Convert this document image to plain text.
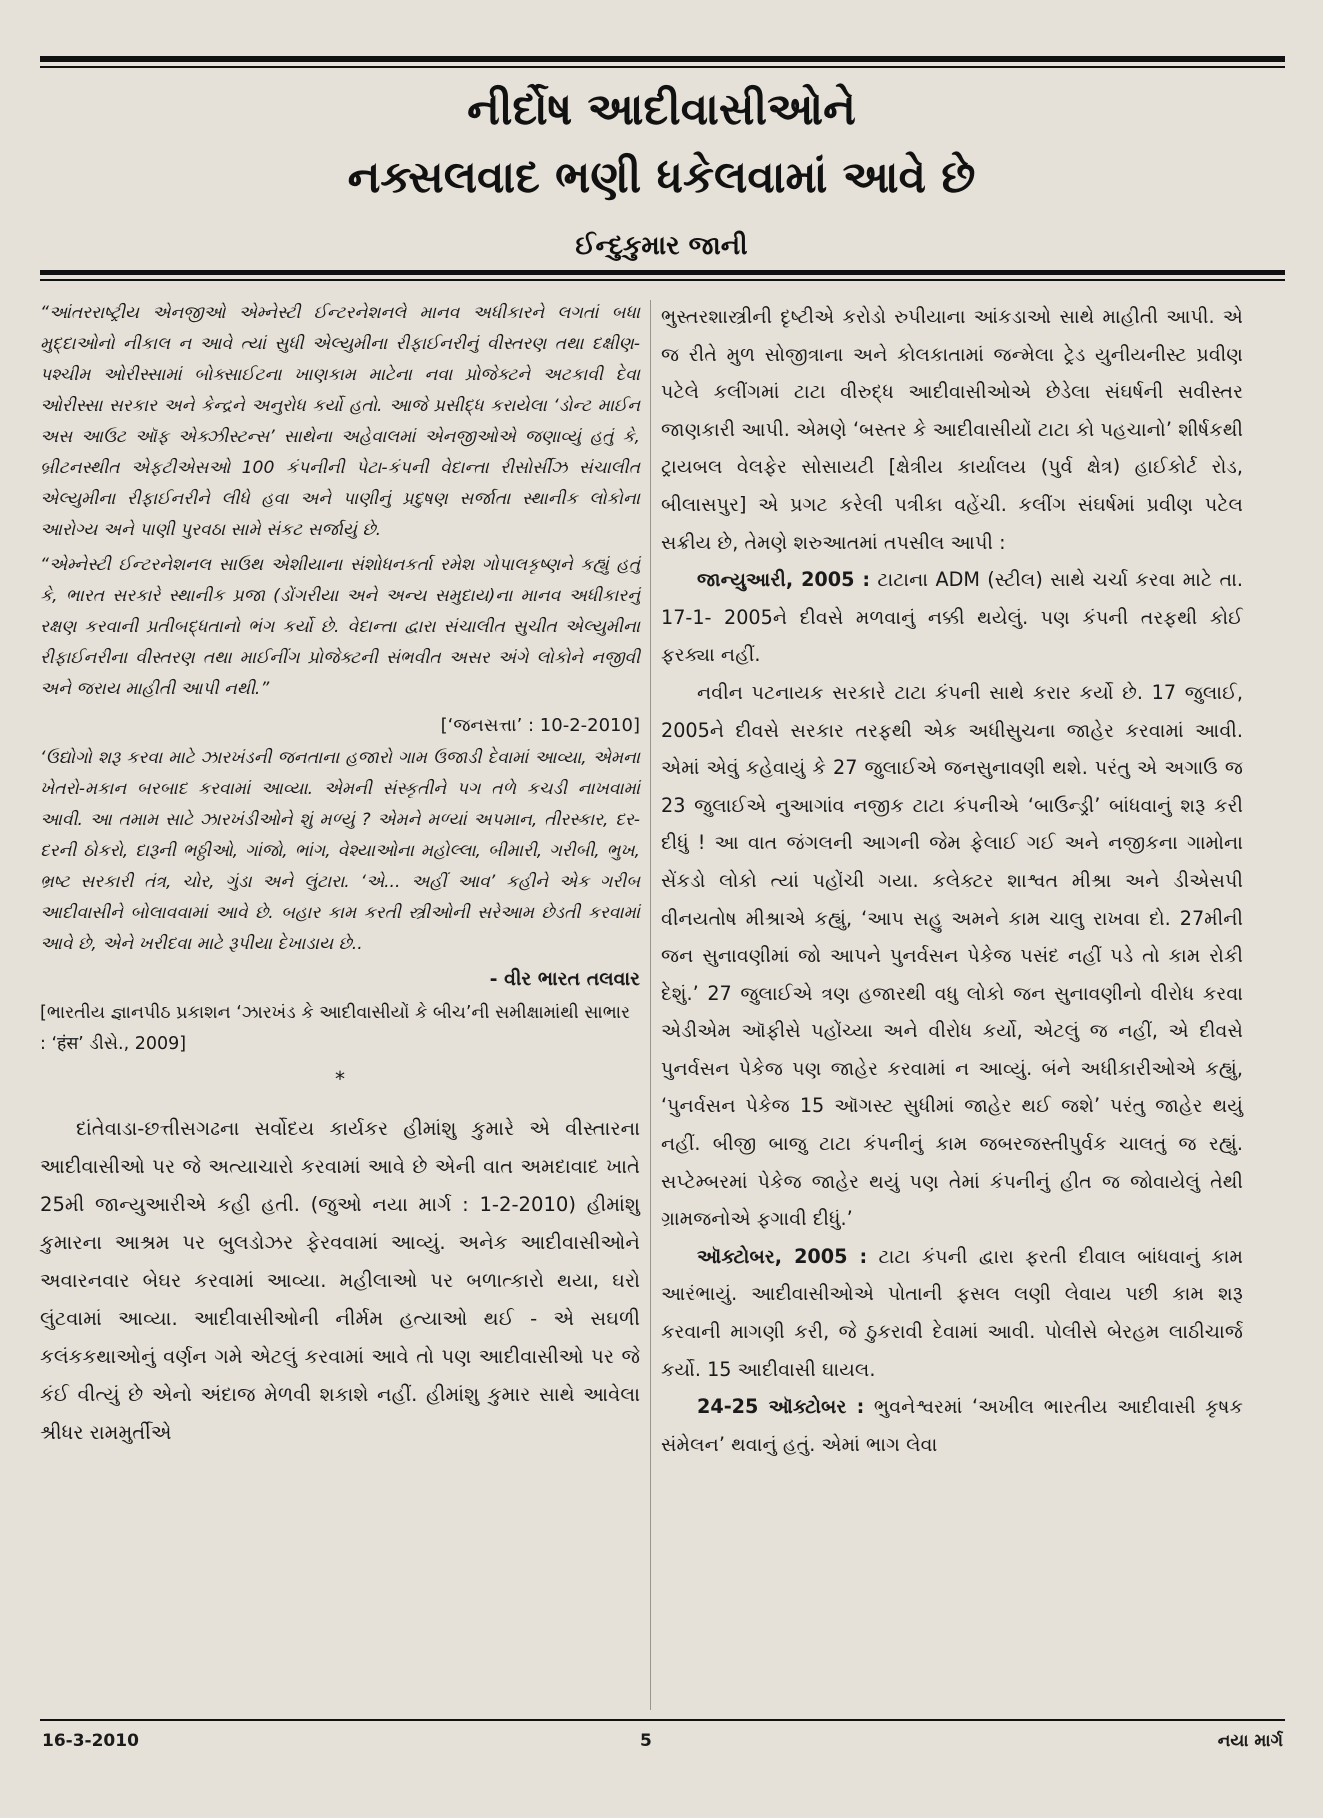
નીર્દોષ આદીવાસીઓને
નક્સલવાદ ભણી ધકેલવામાં આવે છે
ઈન્દુકુમાર જાની

“આંતરરાષ્ટ્રીય એનજીઓ એમ્નેસ્ટી ઈન્ટરનેશનલે માનવ અધીકારને લગતાં બધા મુદ્દાઓનો નીકાલ ન આવે ત્યાં સુધી એલ્યુમીના રીફાઈનરીનું વીસ્તરણ તથા દક્ષીણ-પશ્ચીમ ઓરીસ્સામાં બોક્સાઈટના ખાણકામ માટેના નવા પ્રોજેક્ટને અટકાવી દેવા ઓરીસ્સા સરકાર અને કેન્દ્રને અનુરોધ કર્યો હતો. આજે પ્રસીદ્ધ કરાયેલા ‘ડોન્ટ માઈન અસ આઉટ ઑફ એક્ઝીસ્ટન્સ’ સાથેના અહેવાલમાં એનજીઓએ જણાવ્યું હતું કે, બ્રીટનસ્થીત એફટીએસઓ 100 કંપનીની પેટા-કંપની વેદાન્તા રીસોર્સીઝ સંચાલીત એલ્યુમીના રીફાઈનરીને લીધે હવા અને પાણીનું પ્રદુષણ સર્જાતા સ્થાનીક લોકોના આરોગ્ય અને પાણી પુરવઠા સામે સંકટ સર્જાયું છે.

“એમ્નેસ્ટી ઈન્ટરનેશનલ સાઉથ એશીયાના સંશોધનકર્તા રમેશ ગોપાલકૃષ્ણને કહ્યું હતું કે, ભારત સરકારે સ્થાનીક પ્રજા (ડોંગરીયા અને અન્ય સમુદાય)ના માનવ અધીકારનું રક્ષણ કરવાની પ્રતીબદ્ધતાનો ભંગ કર્યો છે. વેદાન્તા દ્વારા સંચાલીત સુચીત એલ્યુમીના રીફાઈનરીના વીસ્તરણ તથા માઈનીંગ પ્રોજેક્ટની સંભવીત અસર અંગે લોકોને નજીવી અને જરાય માહીતી આપી નથી.”

[‘જનસત્તા’ : 10-2-2010]

‘ઉદ્યોગો શરૂ કરવા માટે ઝારખંડની જનતાના હજારો ગામ ઉજાડી દેવામાં આવ્યા, એમના ખેતરો-મકાન બરબાદ કરવામાં આવ્યા. એમની સંસ્કૃતીને પગ તળે કચડી નાખવામાં આવી. આ તમામ સાટે ઝારખંડીઓને શું મળ્યું ? એમને મળ્યાં અપમાન, તીરસ્કાર, દર-દરની ઠોકરો, દારૂની ભઠ્ઠીઓ, ગાંજો, ભાંગ, વેશ્યાઓના મહોલ્લા, બીમારી, ગરીબી, ભુખ, ભ્રષ્ટ સરકારી તંત્ર, ચોર, ગુંડા અને લુંટારા. ‘એ... અહીં આવ’ કહીને એક ગરીબ આદીવાસીને બોલાવવામાં આવે છે. બહાર કામ કરતી સ્ત્રીઓની સરેઆમ છેડતી કરવામાં આવે છે, એને ખરીદવા માટે રૂપીયા દેખાડાય છે..

- વીર ભારત તલવાર

[ભારતીય જ્ઞાનપીઠ પ્રકાશન ‘ઝારખંડ કે આદીવાસીયોં કે બીચ’ની સમીક્ષામાંથી સાભાર : ‘हंस’ ડીસે., 2009]

*

દાંતેવાડા-છત્તીસગઢના સર્વોદય કાર્યકર હીમાંશુ કુમારે એ વીસ્તારના આદીવાસીઓ પર જે અત્યાચારો કરવામાં આવે છે એની વાત અમદાવાદ ખાતે 25મી જાન્યુઆરીએ કહી હતી. (જુઓ નયા માર્ગ : 1-2-2010) હીમાંશુ કુમારના આશ્રમ પર બુલડોઝર ફેરવવામાં આવ્યું. અનેક આદીવાસીઓને અવારનવાર બેઘર કરવામાં આવ્યા. મહીલાઓ પર બળાત્કારો થયા, ઘરો લુંટવામાં આવ્યા. આદીવાસીઓની નીર્મમ હત્યાઓ થઈ - એ સઘળી કલંકકથાઓનું વર્ણન ગમે એટલું કરવામાં આવે તો પણ આદીવાસીઓ પર જે કંઈ વીત્યું છે એનો અંદાજ મેળવી શકાશે નહીં. હીમાંશુ કુમાર સાથે આવેલા શ્રીધર રામમુર્તીએ

ભુસ્તરશાસ્ત્રીની દૃષ્ટીએ કરોડો રુપીયાના આંકડાઓ સાથે માહીતી આપી. એ જ રીતે મુળ સોજીત્રાના અને કોલકાતામાં જન્મેલા ટ્રેડ યુનીયનીસ્ટ પ્રવીણ પટેલે કલીંગમાં ટાટા વીરુદ્ધ આદીવાસીઓએ છેડેલા સંઘર્ષની સવીસ્તર જાણકારી આપી. એમણે ‘બસ્તર કે આદીવાસીયોં ટાટા કો પહચાનો’ શીર્ષકથી ટ્રાયબલ વેલફેર સોસાયટી [ક્ષેત્રીય કાર્યાલય (પુર્વ ક્ષેત્ર) હાઈકોર્ટ રોડ, બીલાસપુર] એ પ્રગટ કરેલી પત્રીકા વહેંચી. કલીંગ સંઘર્ષમાં પ્રવીણ પટેલ સક્રીય છે, તેમણે શરુઆતમાં તપસીલ આપી :

જાન્યુઆરી, 2005 : ટાટાના ADM (સ્ટીલ) સાથે ચર્ચા કરવા માટે તા. 17-1- 2005ને દીવસે મળવાનું નક્કી થયેલું. પણ કંપની તરફથી કોઈ ફરક્યા નહીં.

નવીન પટનાયક સરકારે ટાટા કંપની સાથે કરાર કર્યો છે. 17 જુલાઈ, 2005ને દીવસે સરકાર તરફથી એક અધીસુચના જાહેર કરવામાં આવી. એમાં એવું કહેવાયું કે 27 જુલાઈએ જનસુનાવણી થશે. પરંતુ એ અગાઉ જ 23 જુલાઈએ નુઆગાંવ નજીક ટાટા કંપનીએ ‘બાઉન્ડ્રી’ બાંધવાનું શરૂ કરી દીધું ! આ વાત જંગલની આગની જેમ ફેલાઈ ગઈ અને નજીકના ગામોના સેંકડો લોકો ત્યાં પહોંચી ગયા. કલેક્ટર શાશ્વત મીશ્રા અને ડીએસપી વીનયતોષ મીશ્રાએ કહ્યું, ‘આપ સહુ અમને કામ ચાલુ રાખવા દો. 27મીની જન સુનાવણીમાં જો આપને પુનર્વસન પેકેજ પસંદ નહીં પડે તો કામ રોકી દેશું.’ 27 જુલાઈએ ત્રણ હજારથી વધુ લોકો જન સુનાવણીનો વીરોધ કરવા એડીએમ ઑફીસે પહોંચ્યા અને વીરોધ કર્યો, એટલું જ નહીં, એ દીવસે પુનર્વસન પેકેજ પણ જાહેર કરવામાં ન આવ્યું. બંને અધીકારીઓએ કહ્યું, ‘પુનર્વસન પેકેજ 15 ઑગસ્ટ સુધીમાં જાહેર થઈ જશે’ પરંતુ જાહેર થયું નહીં. બીજી બાજુ ટાટા કંપનીનું કામ જબરજસ્તીપુર્વક ચાલતું જ રહ્યું. સપ્ટેમ્બરમાં પેકેજ જાહેર થયું પણ તેમાં કંપનીનું હીત જ જોવાયેલું તેથી ગ્રામજનોએ ફગાવી દીધું.’

ઑક્ટોબર, 2005 : ટાટા કંપની દ્વારા ફરતી દીવાલ બાંધવાનું કામ આરંભાયું. આદીવાસીઓએ પોતાની ફસલ લણી લેવાય પછી કામ શરૂ કરવાની માગણી કરી, જે ઠુકરાવી દેવામાં આવી. પોલીસે બેરહમ લાઠીચાર્જ કર્યો. 15 આદીવાસી ઘાયલ.

24-25 ઑક્ટોબર : ભુવનેશ્વરમાં ‘અખીલ ભારતીય આદીવાસી કૃષક સંમેલન’ થવાનું હતું. એમાં ભાગ લેવા

16-3-2010	5	નયા માર્ગ
